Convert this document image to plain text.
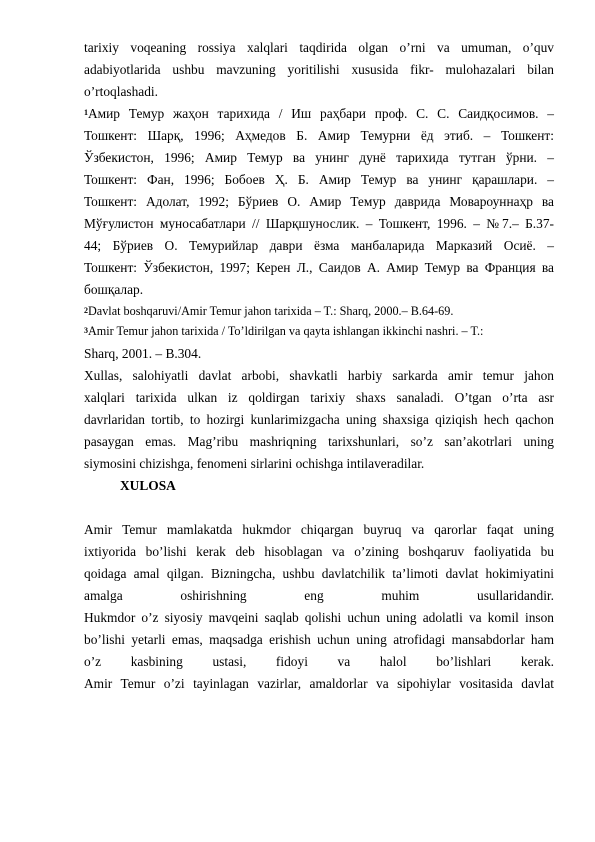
tarixiy voqeaning rossiya xalqlari taqdirida olgan o’rni va umuman, o’quv
adabiyotlarida ushbu mavzuning yoritilishi xususida fikr- mulohazalari bilan
o’rtoqlashadi.
$^1$Амир Темур жаҳон тарихида / Иш раҳбари проф. С. С. Саидқосимов. –
Тошкент: Шарқ, 1996; Аҳмедов Б. Амир Темурни ёд этиб. – Тошкент:
Ўзбекистон, 1996; Амир Темур ва унинг дунё тарихида тутган ўрни. –
Тошкент: Фан, 1996; Бобоев Ҳ. Б. Амир Темур ва унинг қарашлари. –
Тошкент: Адолат, 1992; Бўриев О. Амир Темур даврида Мовароуннаҳр ва
Мўғулистон муносабатлари // Шарқшунослик. – Тошкент, 1996. – №7.– Б.37-
44; Бўриев О. Темурийлар даври ёзма манбаларида Марказий Осиё. –
Тошкент: Ўзбекистон, 1997; Керен Л., Саидов А. Амир Темур ва Франция ва
бошқалар.
$^2$Davlat boshqaruvi/Amir Temur jahon tarixida – T.: Sharq, 2000.– B.64-69.
$^3$Amir Temur jahon tarixida / To’ldirilgan va qayta ishlangan ikkinchi nashri. – T.:
Sharq, 2001. – B.304.
Xullas, salohiyatli davlat arbobi, shavkatli harbiy sarkarda amir temur jahon
xalqlari tarixida ulkan iz qoldirgan tarixiy shaxs sanaladi. O’tgan o’rta asr
davrlaridan tortib, to hozirgi kunlarimizgacha uning shaxsiga qiziqish hech qachon
pasaygan emas. Mag’ribu mashriqning tarixshunlari, so’z san’akotrlari uning
siymosini chizishga, fenomeni sirlarini ochishga intilaveradilar.
XULOSA
Amir Temur mamlakatda hukmdor chiqargan buyruq va qarorlar faqat uning
ixtiyorida bo’lishi kerak deb hisoblagan va o’zining boshqaruv faoliyatida bu
qoidaga amal qilgan. Bizningcha, ushbu davlatchilik ta’limoti davlat hokimiyatini
amalga oshirishning eng muhim usullaridandir.
Hukmdor o’z siyosiy mavqeini saqlab qolishi uchun uning adolatli va komil inson
bo’lishi yetarli emas, maqsadga erishish uchun uning atrofidagi mansabdorlar ham
o’z kasbining ustasi, fidoyi va halol bo’lishlari kerak.
Amir Temur o’zi tayinlagan vazirlar, amaldorlar va sipohiylar vositasida davlat
